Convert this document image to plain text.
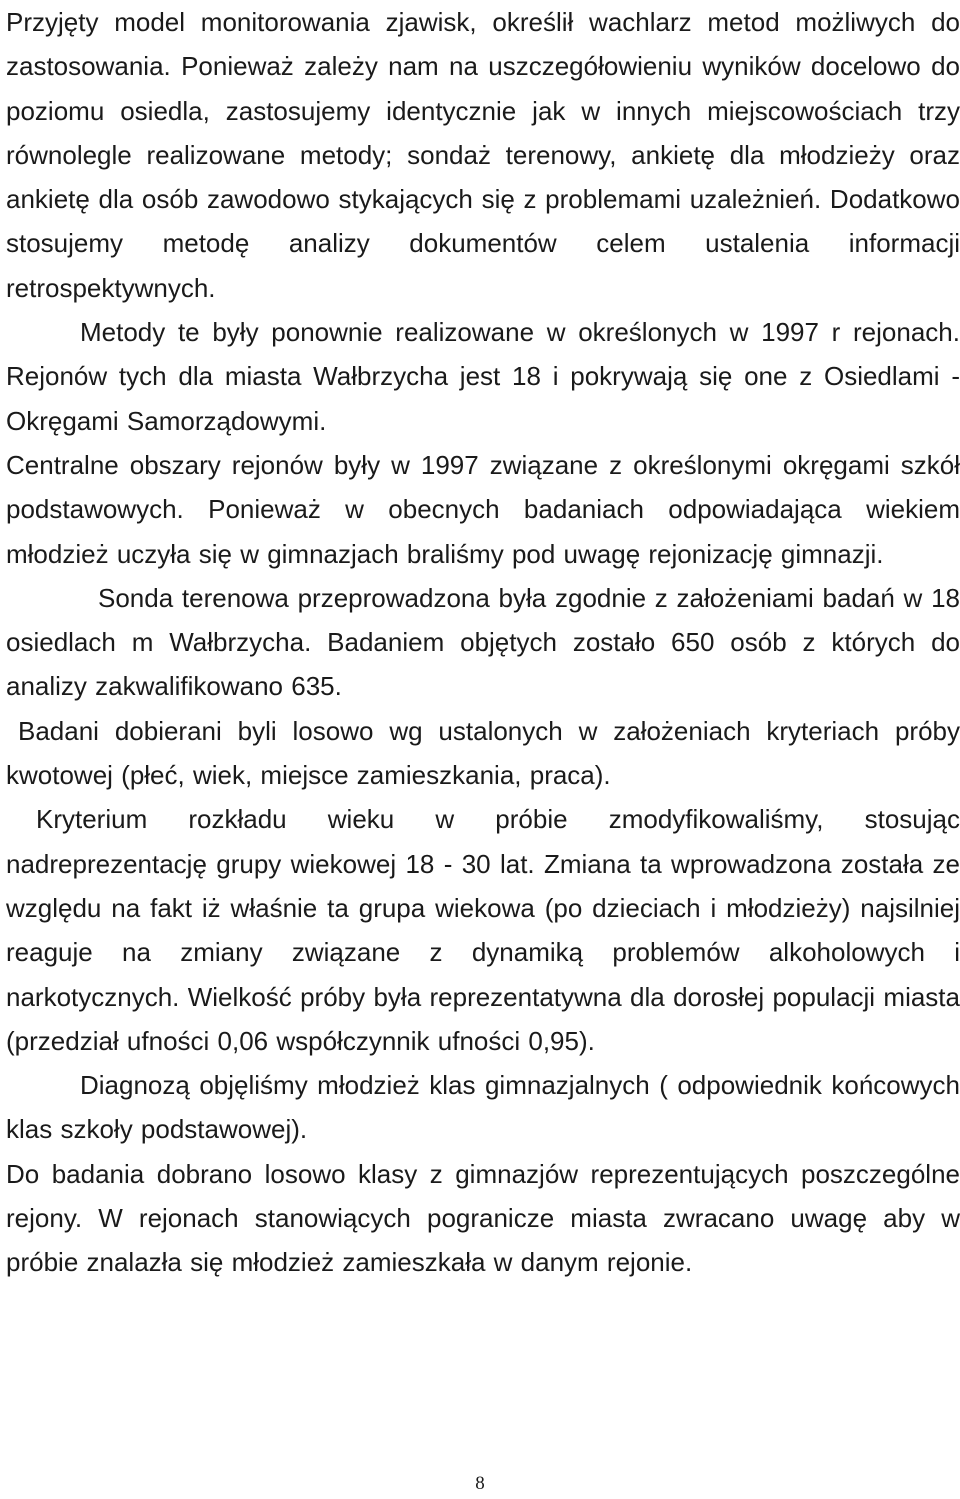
Przyjęty model monitorowania zjawisk, określił wachlarz metod możliwych do zastosowania. Ponieważ zależy nam na uszczegółowieniu wyników docelowo do poziomu osiedla, zastosujemy identycznie jak w innych miejscowościach trzy równolegle realizowane metody; sondaż terenowy, ankietę dla młodzieży oraz ankietę dla osób zawodowo stykających się z problemami uzależnień. Dodatkowo stosujemy metodę analizy dokumentów celem ustalenia informacji retrospektywnych.

Metody te były ponownie realizowane w określonych w 1997 r rejonach. Rejonów tych dla miasta Wałbrzycha jest 18 i pokrywają się one z Osiedlami - Okręgami Samorządowymi.

Centralne obszary rejonów były w 1997 związane z określonymi okręgami szkół podstawowych. Ponieważ w obecnych badaniach odpowiadająca wiekiem młodzież uczyła się w gimnazjach braliśmy pod uwagę rejonizację gimnazji.

Sonda terenowa przeprowadzona była zgodnie z założeniami badań w 18 osiedlach m Wałbrzycha. Badaniem objętych zostało 650 osób z których do analizy zakwalifikowano 635.

Badani dobierani byli losowo wg ustalonych w założeniach kryteriach próby kwotowej (płeć, wiek, miejsce zamieszkania, praca).

Kryterium rozkładu wieku w próbie zmodyfikowaliśmy, stosując nadreprezentację grupy wiekowej 18 - 30 lat. Zmiana ta wprowadzona została ze względu na fakt iż właśnie ta grupa wiekowa (po dzieciach i młodzieży) najsilniej reaguje na zmiany związane z dynamiką problemów alkoholowych i narkotycznych. Wielkość próby była reprezentatywna dla dorosłej populacji miasta (przedział ufności 0,06 współczynnik ufności 0,95).

Diagnozą objęliśmy młodzież klas gimnazjalnych ( odpowiednik końcowych klas szkoły podstawowej).

Do badania dobrano losowo klasy z gimnazjów reprezentujących poszczególne rejony. W rejonach stanowiących pogranicze miasta zwracano uwagę aby w próbie znalazła się młodzież zamieszkała w danym rejonie.

8
